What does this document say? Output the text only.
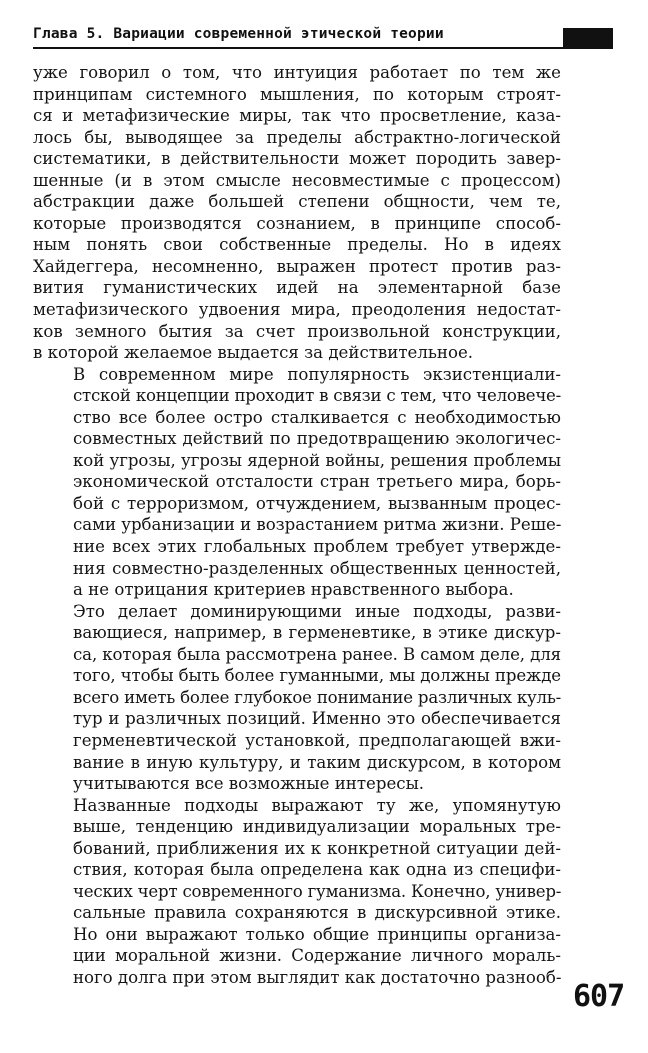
Глава 5. Вариации современной этической теории

уже говорил о том, что интуиция работает по тем же
принципам системного мышления, по которым строят-
ся и метафизические миры, так что просветление, каза-
лось бы, выводящее за пределы абстрактно-логической
систематики, в действительности может породить завер-
шенные (и в этом смысле несовместимые с процессом)
абстракции даже большей степени общности, чем те,
которые производятся сознанием, в принципе способ-
ным понять свои собственные пределы. Но в идеях
Хайдеггера, несомненно, выражен протест против раз-
вития гуманистических идей на элементарной базе
метафизического удвоения мира, преодоления недостат-
ков земного бытия за счет произвольной конструкции,
в которой желаемое выдается за действительное.

В современном мире популярность экзистенциали-
стской концепции проходит в связи с тем, что человече-
ство все более остро сталкивается с необходимостью
совместных действий по предотвращению экологичес-
кой угрозы, угрозы ядерной войны, решения проблемы
экономической отсталости стран третьего мира, борь-
бой с терроризмом, отчуждением, вызванным процес-
сами урбанизации и возрастанием ритма жизни. Реше-
ние всех этих глобальных проблем требует утвержде-
ния совместно-разделенных общественных ценностей,
а не отрицания критериев нравственного выбора.

Это делает доминирующими иные подходы, разви-
вающиеся, например, в герменевтике, в этике дискур-
са, которая была рассмотрена ранее. В самом деле, для
того, чтобы быть более гуманными, мы должны прежде
всего иметь более глубокое понимание различных куль-
тур и различных позиций. Именно это обеспечивается
герменевтической установкой, предполагающей вжи-
вание в иную культуру, и таким дискурсом, в котором
учитываются все возможные интересы.

Названные подходы выражают ту же, упомянутую
выше, тенденцию индивидуализации моральных тре-
бований, приближения их к конкретной ситуации дей-
ствия, которая была определена как одна из специфи-
ческих черт современного гуманизма. Конечно, универ-
сальные правила сохраняются в дискурсивной этике.
Но они выражают только общие принципы организа-
ции моральной жизни. Содержание личного мораль-
ного долга при этом выглядит как достаточно разнооб-

607
